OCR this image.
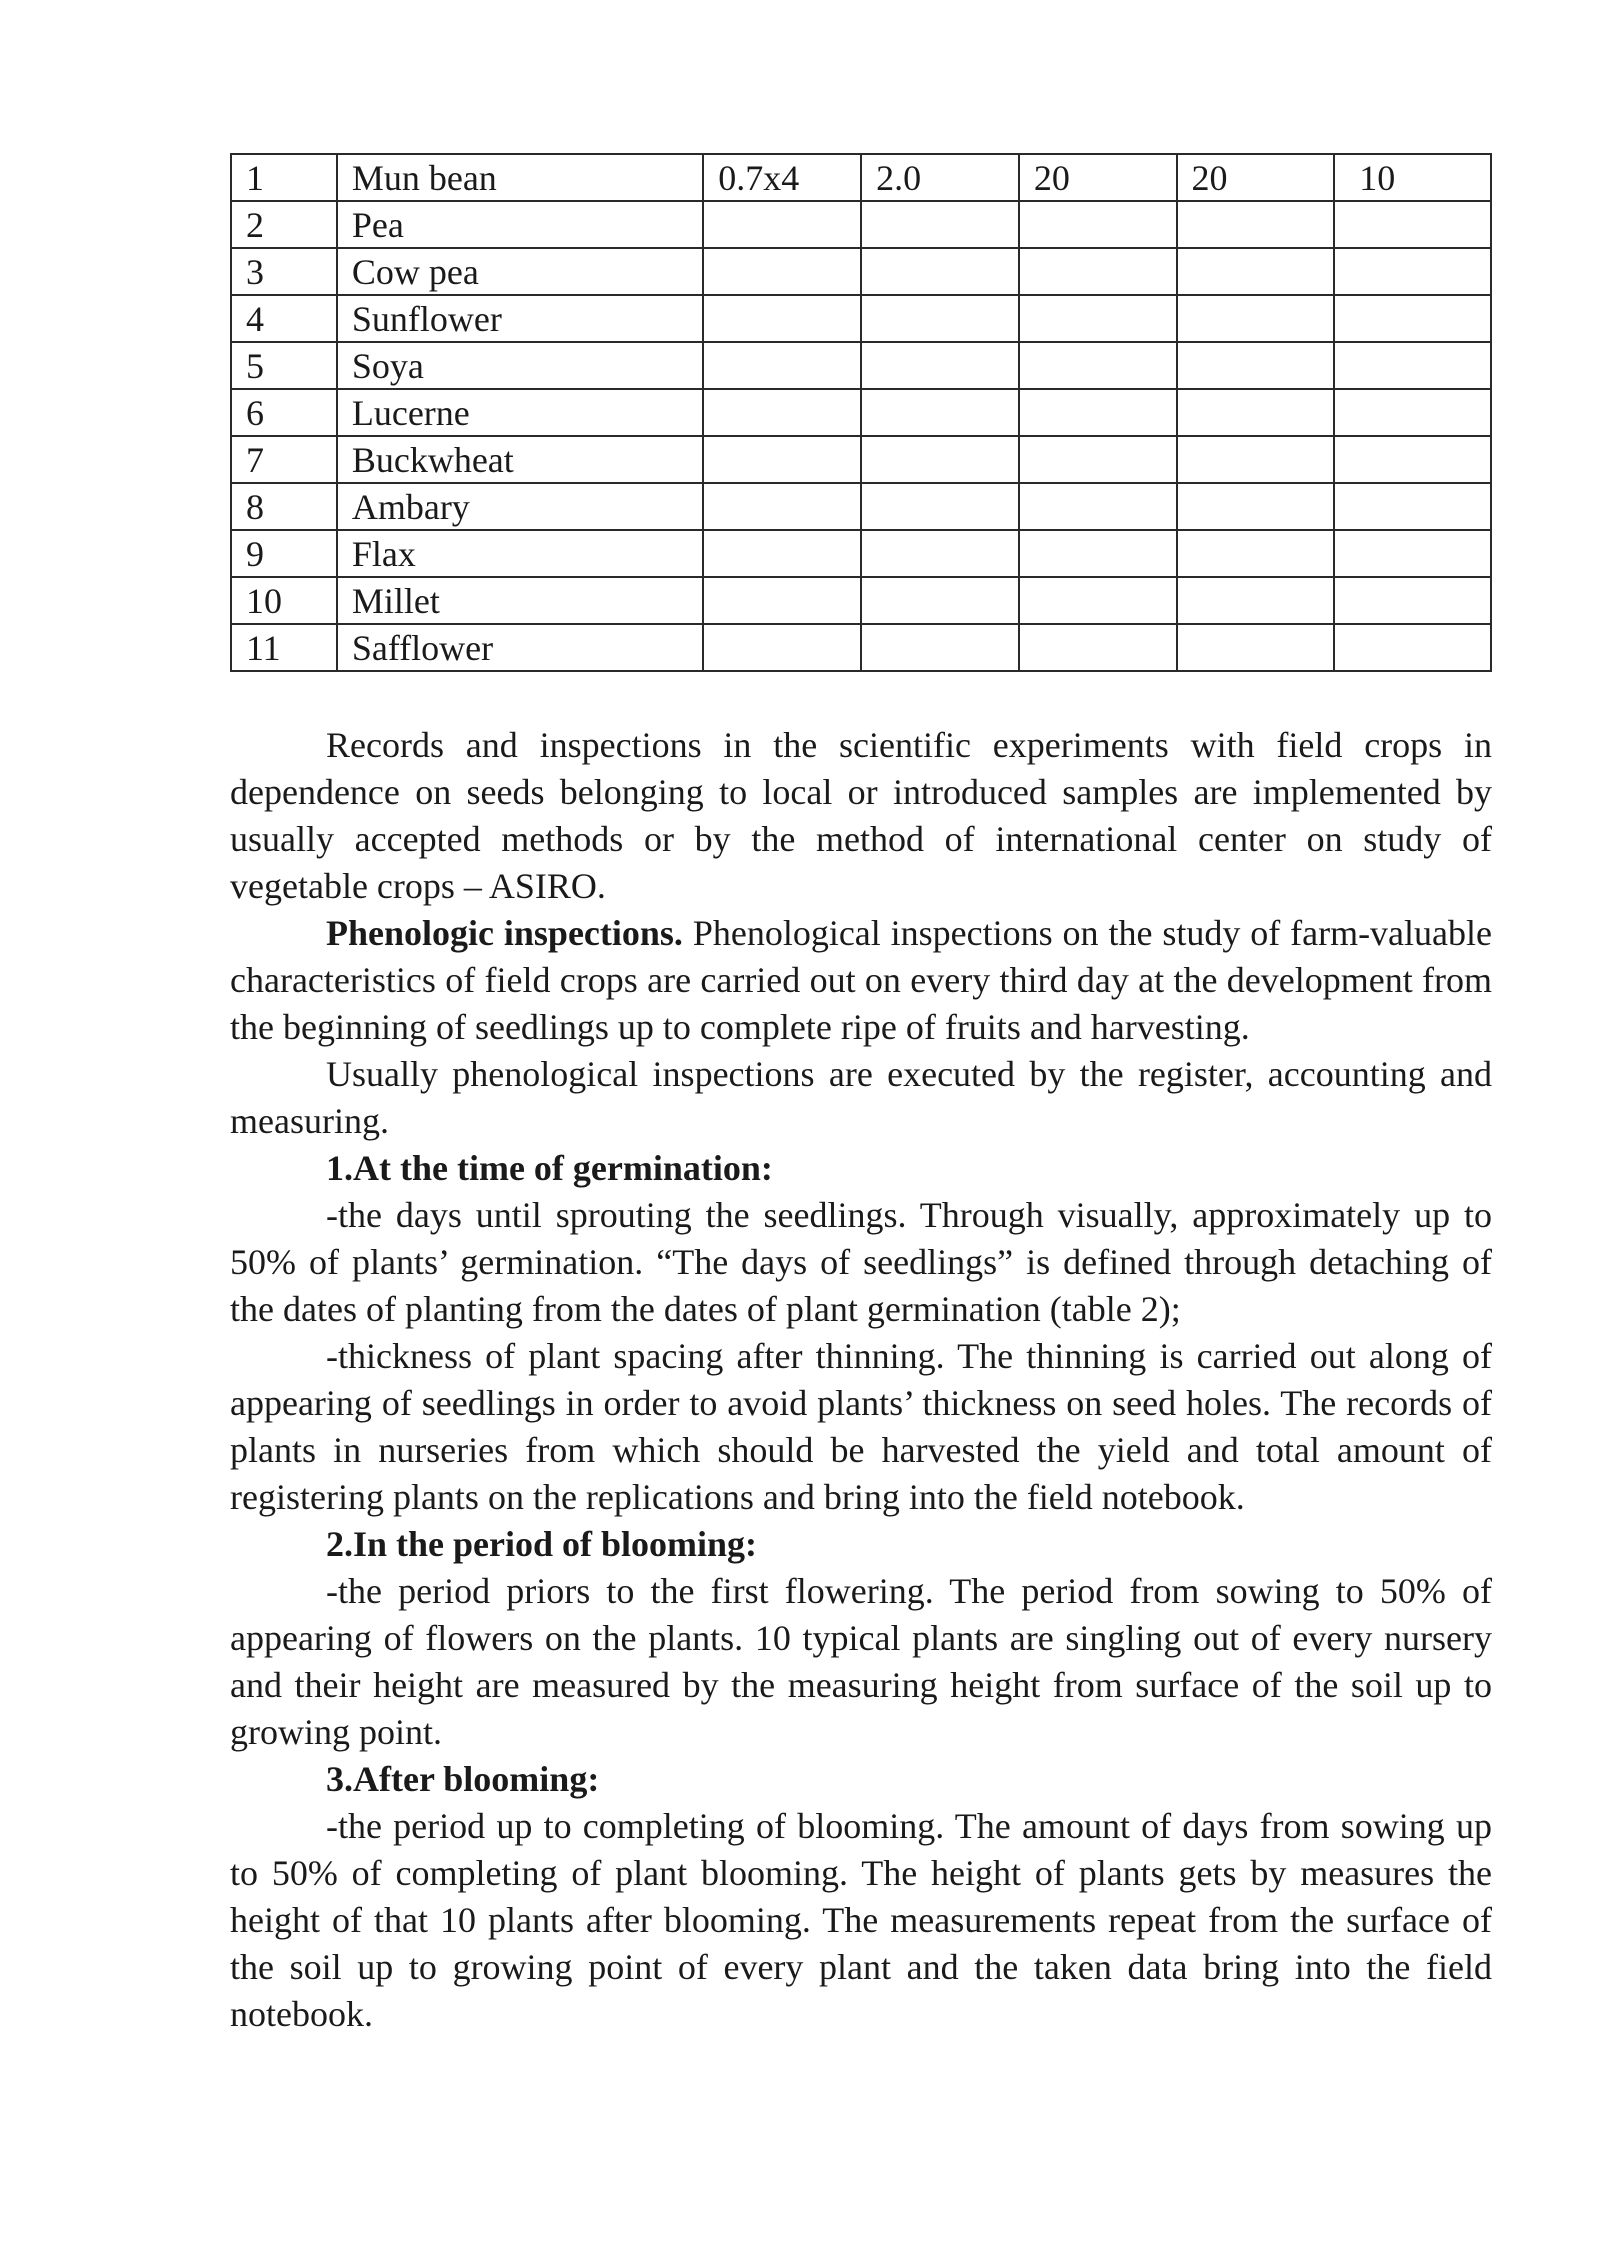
1	Mun bean	0.7x4	2.0	20	20	10
2	Pea					
3	Cow pea					
4	Sunflower					
5	Soya					
6	Lucerne					
7	Buckwheat					
8	Ambary					
9	Flax					
10	Millet					
11	Safflower					

Records and inspections in the scientific experiments with field crops in dependence on seeds belonging to local or introduced samples are implemented by usually accepted methods or by the method of international center on study of vegetable crops – ASIRO.

Phenologic inspections. Phenological inspections on the study of farm-valuable characteristics of field crops are carried out on every third day at the development from the beginning of seedlings up to complete ripe of fruits and harvesting.

Usually phenological inspections are executed by the register, accounting and measuring.

1.At the time of germination:

-the days until sprouting the seedlings. Through visually, approximately up to 50% of plants’ germination. “The days of seedlings” is defined through detaching of the dates of planting from the dates of plant germination (table 2);

-thickness of plant spacing after thinning. The thinning is carried out along of appearing of seedlings in order to avoid plants’ thickness on seed holes. The records of plants in nurseries from which should be harvested the yield and total amount of registering plants on the replications and bring into the field notebook.

2.In the period of blooming:

-the period priors to the first flowering. The period from sowing to 50% of appearing of flowers on the plants. 10 typical plants are singling out of every nursery and their height are measured by the measuring height from surface of the soil up to growing point.

3.After blooming:

-the period up to completing of blooming. The amount of days from sowing up to 50% of completing of plant blooming. The height of plants gets by measures the height of that 10 plants after blooming. The measurements repeat from the surface of the soil up to growing point of every plant and the taken data bring into the field notebook.
